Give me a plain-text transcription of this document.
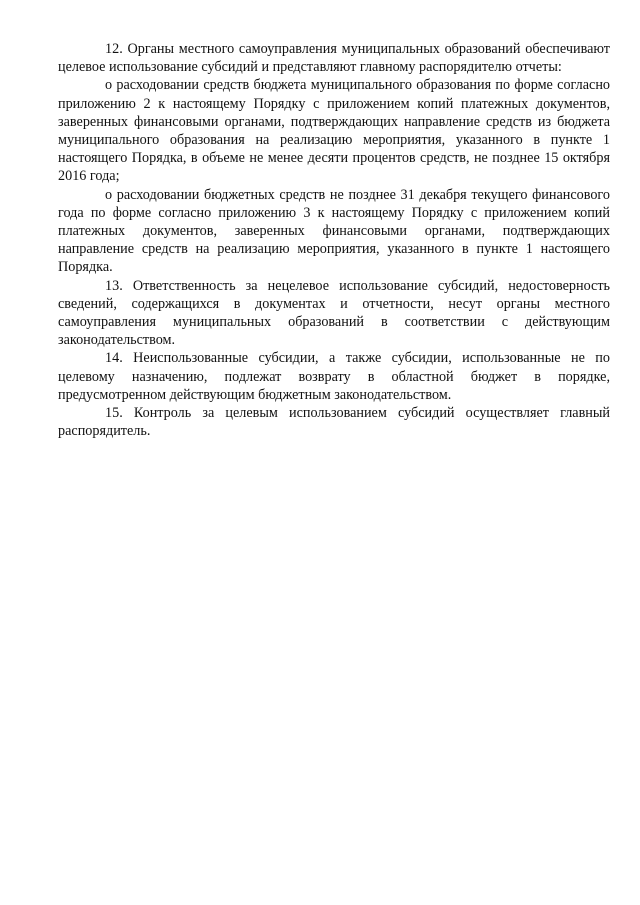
12. Органы местного самоуправления муниципальных образований обеспечивают целевое использование субсидий и представляют главному распорядителю отчеты:

о расходовании средств бюджета муниципального образования по форме согласно приложению 2 к настоящему Порядку с приложением копий платежных документов, заверенных финансовыми органами, подтверждающих направление средств из бюджета муниципального образования на реализацию мероприятия, указанного в пункте 1 настоящего Порядка, в объеме не менее десяти процентов средств, не позднее 15 октября 2016 года;

о расходовании бюджетных средств не позднее 31 декабря текущего финансового года по форме согласно приложению 3 к настоящему Порядку с приложением копий платежных документов, заверенных финансовыми органами, подтверждающих направление средств на реализацию мероприятия, указанного в пункте 1 настоящего Порядка.

13. Ответственность за нецелевое использование субсидий, недостоверность сведений, содержащихся в документах и отчетности, несут органы местного самоуправления муниципальных образований в соответствии с действующим законодательством.

14. Неиспользованные субсидии, а также субсидии, использованные не по целевому назначению, подлежат возврату в областной бюджет в порядке, предусмотренном действующим бюджетным законодательством.

15. Контроль за целевым использованием субсидий осуществляет главный распорядитель.
